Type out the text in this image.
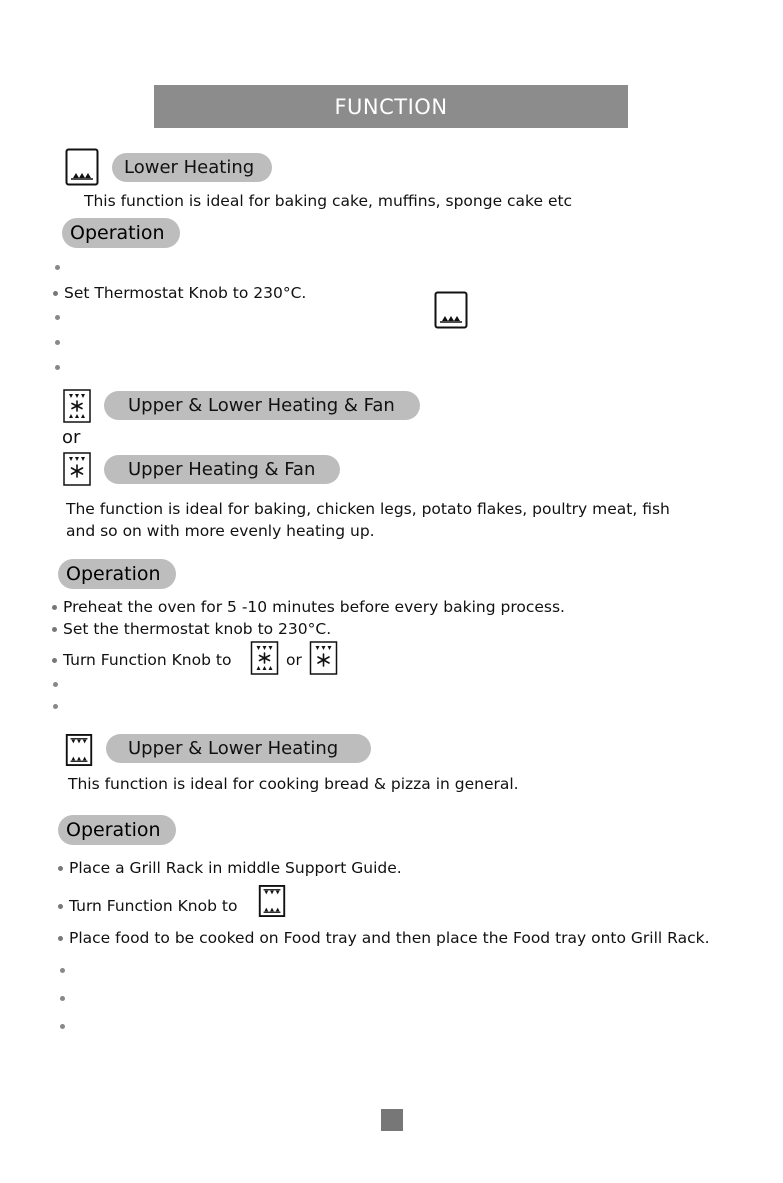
FUNCTION
Lower Heating
This function is ideal for baking cake, muffins, sponge cake etc
Operation
Set Thermostat Knob to 230°C.
Upper & Lower Heating & Fan
or
Upper Heating & Fan
The function is ideal for baking, chicken legs, potato flakes, poultry meat, fish
and so on with more evenly heating up.
Operation
Preheat the oven for 5 -10 minutes before every baking process.
Set the thermostat knob to 230°C.
Turn Function Knob to	or
Upper & Lower Heating
This function is ideal for cooking bread & pizza in general.
Operation
Place a Grill Rack in middle Support Guide.
Turn Function Knob to
Place food to be cooked on Food tray and then place the Food tray onto Grill Rack.
